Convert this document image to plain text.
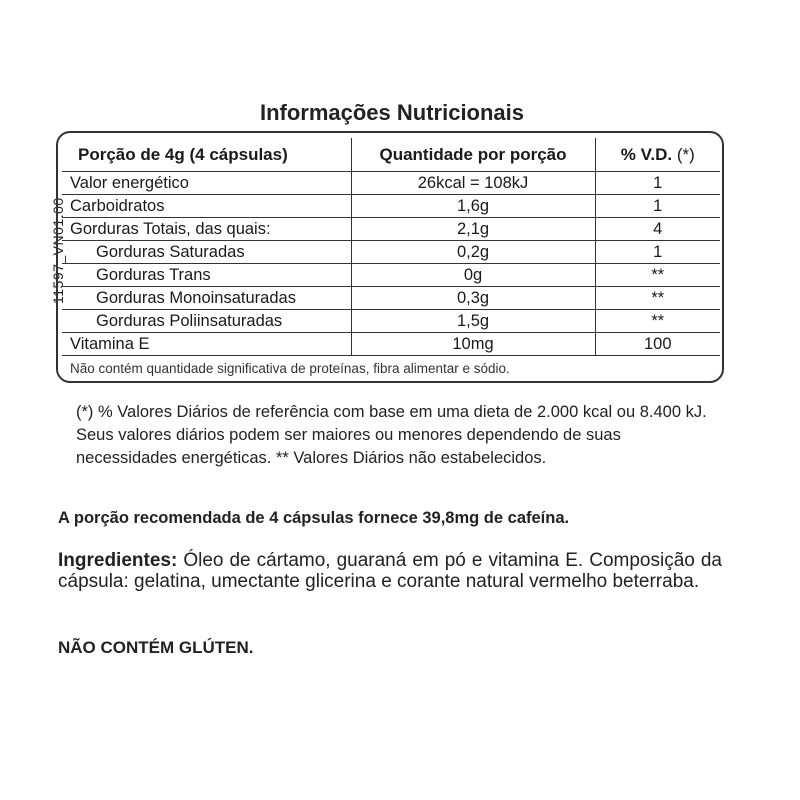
11597_VN01.00
Informações Nutricionais
Porção de 4g (4 cápsulas)	Quantidade por porção	% V.D. (*)
Valor energético	26kcal = 108kJ	1
Carboidratos	1,6g	1
Gorduras Totais, das quais:	2,1g	4
Gorduras Saturadas	0,2g	1
Gorduras Trans	0g	**
Gorduras Monoinsaturadas	0,3g	**
Gorduras Poliinsaturadas	1,5g	**
Vitamina E	10mg	100
Não contém quantidade significativa de proteínas, fibra alimentar e sódio.		
(*) % Valores Diários de referência com base em uma dieta de 2.000 kcal ou 8.400 kJ. Seus valores diários podem ser maiores ou menores dependendo de suas necessidades energéticas. ** Valores Diários não estabelecidos.
A porção recomendada de 4 cápsulas fornece 39,8mg de cafeína.
Ingredientes: Óleo de cártamo, guaraná em pó e vitamina E. Composição da cápsula: gelatina, umectante glicerina e corante natural vermelho beterraba.
NÃO CONTÉM GLÚTEN.
